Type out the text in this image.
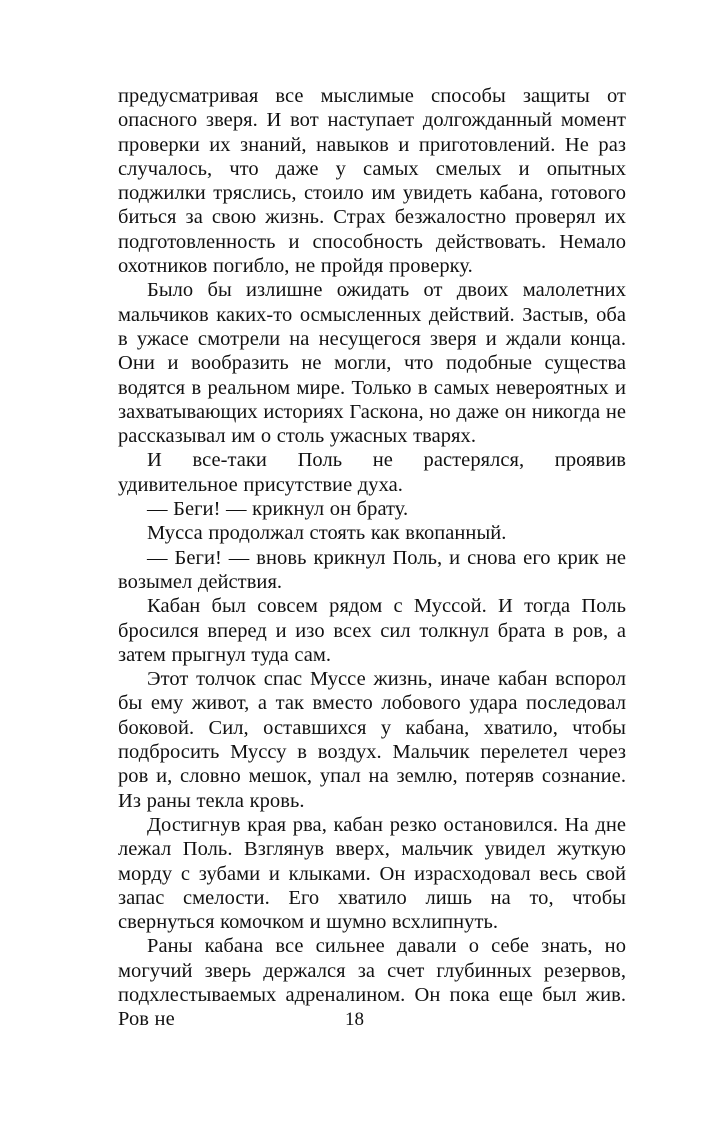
предусматривая все мыслимые способы защиты от опасного зверя. И вот наступает долгожданный момент проверки их знаний, навыков и приготовлений. Не раз случалось, что даже у самых смелых и опытных поджилки тряслись, стоило им увидеть кабана, готового биться за свою жизнь. Страх безжалостно проверял их подготовленность и способность действовать. Немало охотников погибло, не пройдя проверку.

Было бы излишне ожидать от двоих малолетних мальчиков каких-то осмысленных действий. Застыв, оба в ужасе смотрели на несущегося зверя и ждали конца. Они и вообразить не могли, что подобные существа водятся в реальном мире. Только в самых невероятных и захватывающих историях Гаскона, но даже он никогда не рассказывал им о столь ужасных тварях.

И все-таки Поль не растерялся, проявив удивительное присутствие духа.

— Беги! — крикнул он брату.

Мусса продолжал стоять как вкопанный.

— Беги! — вновь крикнул Поль, и снова его крик не возымел действия.

Кабан был совсем рядом с Муссой. И тогда Поль бросился вперед и изо всех сил толкнул брата в ров, а затем прыгнул туда сам.

Этот толчок спас Муссе жизнь, иначе кабан вспорол бы ему живот, а так вместо лобового удара последовал боковой. Сил, оставшихся у кабана, хватило, чтобы подбросить Муссу в воздух. Мальчик перелетел через ров и, словно мешок, упал на землю, потеряв сознание. Из раны текла кровь.

Достигнув края рва, кабан резко остановился. На дне лежал Поль. Взглянув вверх, мальчик увидел жуткую морду с зубами и клыками. Он израсходовал весь свой запас смелости. Его хватило лишь на то, чтобы свернуться комочком и шумно всхлипнуть.

Раны кабана все сильнее давали о себе знать, но могучий зверь держался за счет глубинных резервов, подхлестываемых адреналином. Он пока еще был жив. Ров не	18
